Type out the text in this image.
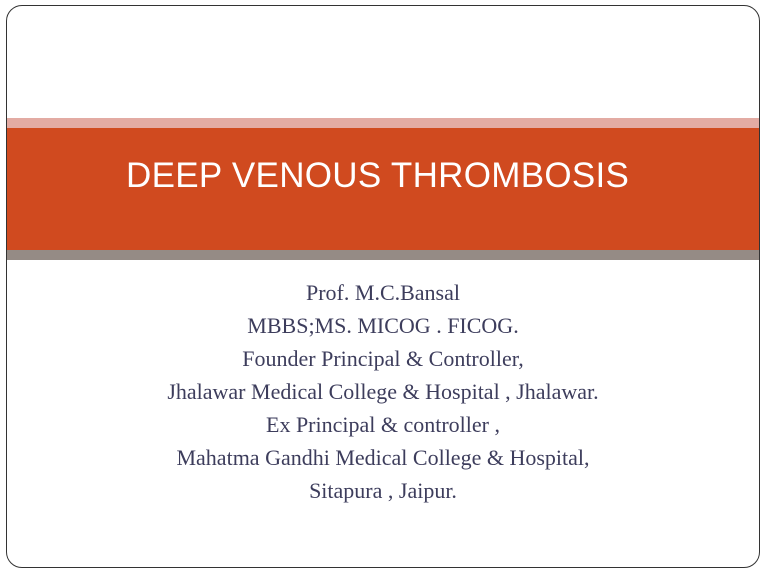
DEEP VENOUS THROMBOSIS
Prof. M.C.Bansal
MBBS;MS. MICOG . FICOG.
Founder Principal & Controller,
Jhalawar Medical College & Hospital , Jhalawar.
Ex Principal & controller ,
Mahatma Gandhi Medical College & Hospital,
Sitapura , Jaipur.
